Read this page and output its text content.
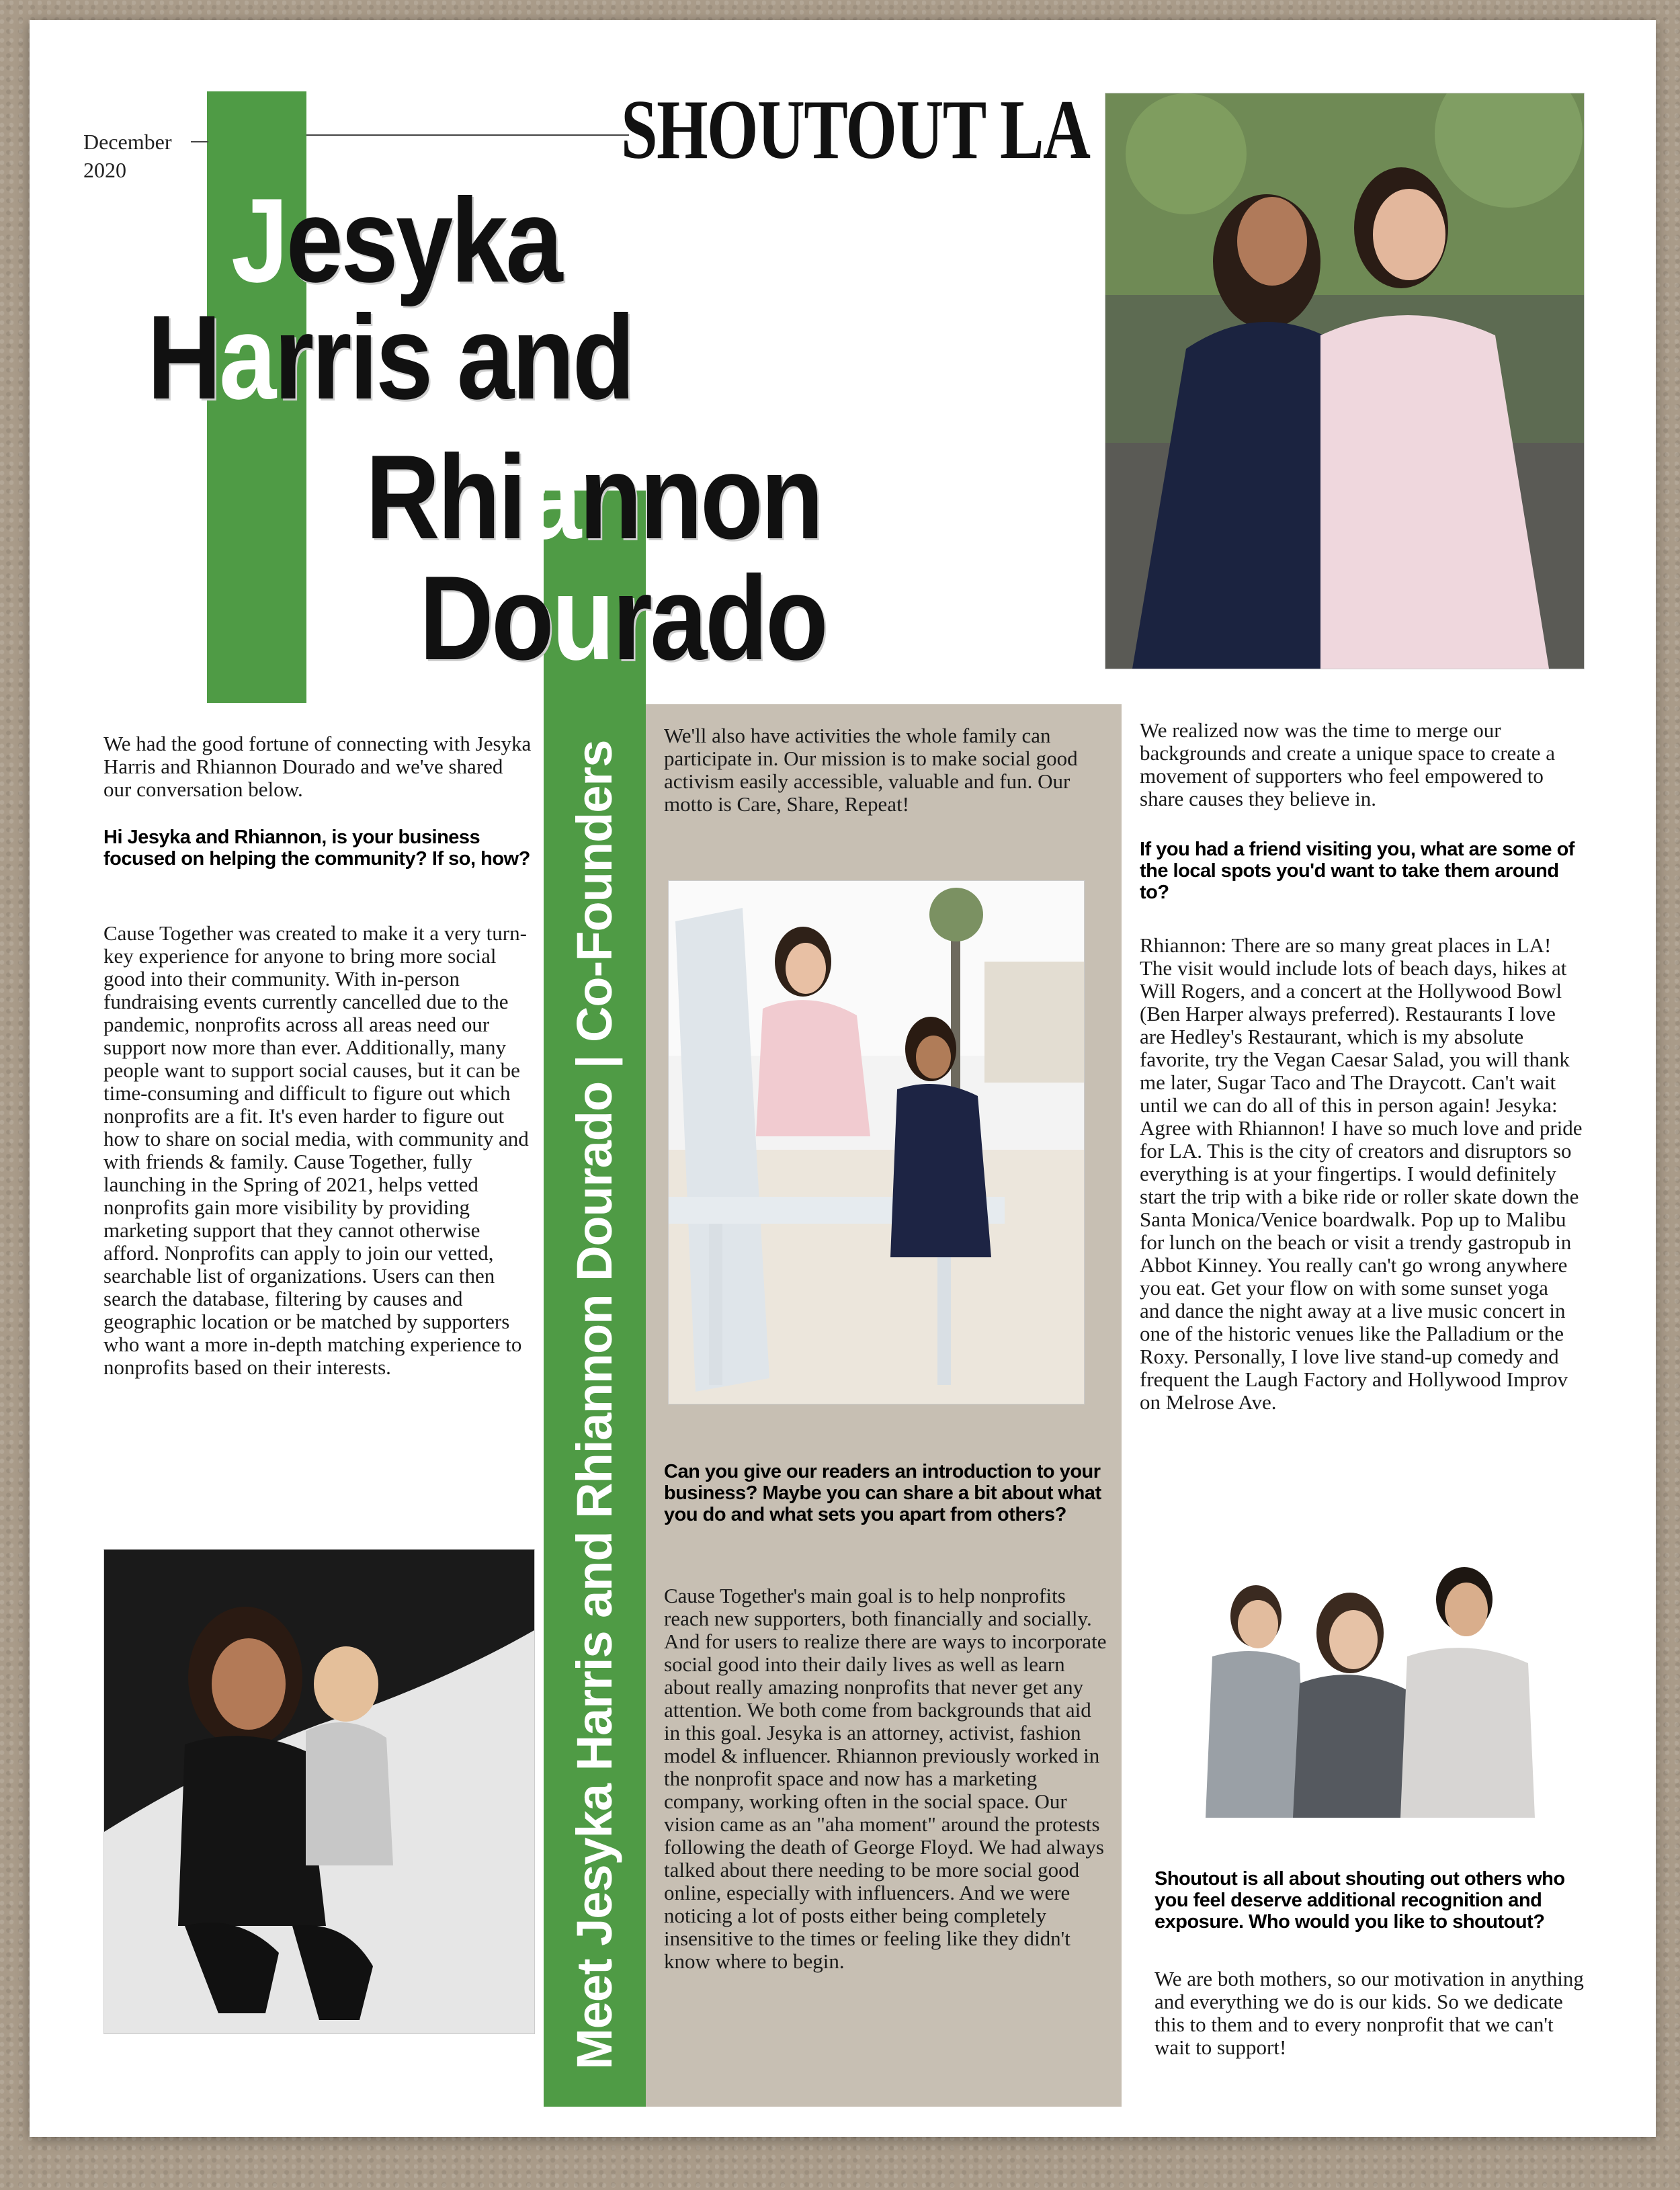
December
2020	SHOUTOUT LA
Jesyka
Harris and
Rhiannon
Dourado

We had the good fortune of connecting with Jesyka Harris and Rhiannon Dourado and we've shared our conversation below.

Hi Jesyka and Rhiannon, is your business focused on helping the community? If so, how?

Cause Together was created to make it a very turn-key experience for anyone to bring more social good into their community. With in-person fundraising events currently cancelled due to the pandemic, nonprofits across all areas need our support now more than ever. Additionally, many people want to support social causes, but it can be time-consuming and difficult to figure out which nonprofits are a fit. It's even harder to figure out how to share on social media, with community and with friends & family. Cause Together, fully launching in the Spring of 2021, helps vetted nonprofits gain more visibility by providing marketing support that they cannot otherwise afford. Nonprofits can apply to join our vetted, searchable list of organizations. Users can then search the database, filtering by causes and geographic location or be matched by supporters who want a more in-depth matching experience to nonprofits based on their interests.	Meet Jesyka Harris and Rhiannon Dourado | Co-Founders

We'll also have activities the whole family can participate in. Our mission is to make social good activism easily accessible, valuable and fun. Our motto is Care, Share, Repeat!

Can you give our readers an introduction to your business? Maybe you can share a bit about what you do and what sets you apart from others?

Cause Together's main goal is to help nonprofits reach new supporters, both financially and socially. And for users to realize there are ways to incorporate social good into their daily lives as well as learn about really amazing nonprofits that never get any attention. We both come from backgrounds that aid in this goal. Jesyka is an attorney, activist, fashion model & influencer. Rhiannon previously worked in the nonprofit space and now has a marketing company, working often in the social space. Our vision came as an "aha moment" around the protests following the death of George Floyd. We had always talked about there needing to be more social good online, especially with influencers. And we were noticing a lot of posts either being completely insensitive to the times or feeling like they didn't know where to begin.

We realized now was the time to merge our backgrounds and create a unique space to create a movement of supporters who feel empowered to share causes they believe in.

If you had a friend visiting you, what are some of the local spots you'd want to take them around to?

Rhiannon: There are so many great places in LA! The visit would include lots of beach days, hikes at Will Rogers, and a concert at the Hollywood Bowl (Ben Harper always preferred). Restaurants I love are Hedley's Restaurant, which is my absolute favorite, try the Vegan Caesar Salad, you will thank me later, Sugar Taco and The Draycott. Can't wait until we can do all of this in person again! Jesyka: Agree with Rhiannon! I have so much love and pride for LA. This is the city of creators and disruptors so everything is at your fingertips. I would definitely start the trip with a bike ride or roller skate down the Santa Monica/Venice boardwalk. Pop up to Malibu for lunch on the beach or visit a trendy gastropub in Abbot Kinney. You really can't go wrong anywhere you eat. Get your flow on with some sunset yoga and dance the night away at a live music concert in one of the historic venues like the Palladium or the Roxy. Personally, I love live stand-up comedy and frequent the Laugh Factory and Hollywood Improv on Melrose Ave.

Shoutout is all about shouting out others who you feel deserve additional recognition and exposure. Who would you like to shoutout?

We are both mothers, so our motivation in anything and everything we do is our kids. So we dedicate this to them and to every nonprofit that we can't wait to support!
